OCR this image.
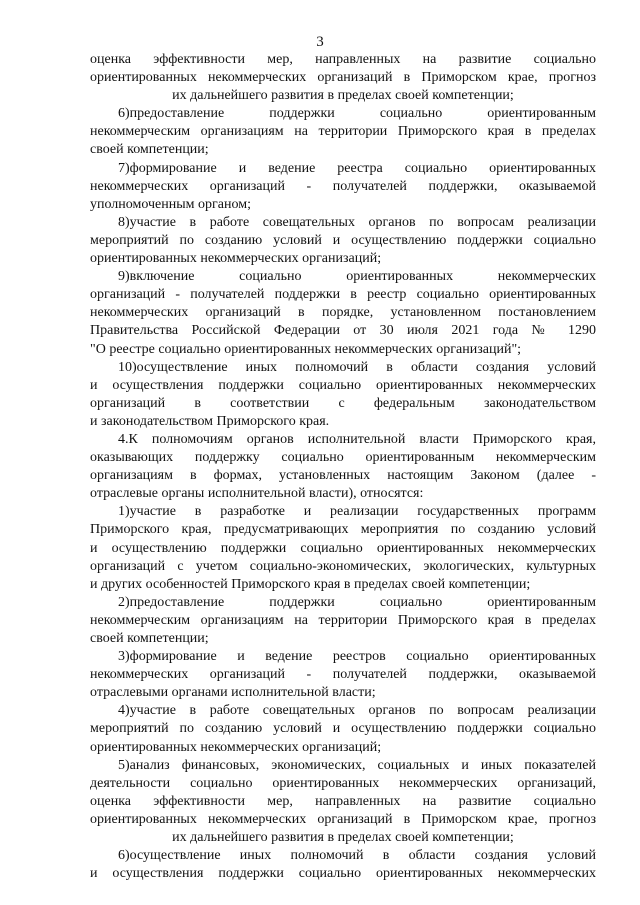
3
оценка эффективности мер, направленных на развитие социально
ориентированных некоммерческих организаций в Приморском крае, прогноз
их дальнейшего развития в пределах своей компетенции;
6)предоставление поддержки социально ориентированным
некоммерческим организациям на территории Приморского края в пределах
своей компетенции;
7)формирование и ведение реестра социально ориентированных
некоммерческих организаций - получателей поддержки, оказываемой
уполномоченным органом;
8)участие в работе совещательных органов по вопросам реализации
мероприятий по созданию условий и осуществлению поддержки социально
ориентированных некоммерческих организаций;
9)включение социально ориентированных некоммерческих
организаций - получателей поддержки в реестр социально ориентированных
некоммерческих организаций в порядке, установленном постановлением
Правительства Российской Федерации от 30 июля 2021 года № 1290
"О реестре социально ориентированных некоммерческих организаций";
10)осуществление иных полномочий в области создания условий
и осуществления поддержки социально ориентированных некоммерческих
организаций в соответствии с федеральным законодательством
и законодательством Приморского края.
4.К полномочиям органов исполнительной власти Приморского края,
оказывающих поддержку социально ориентированным некоммерческим
организациям в формах, установленных настоящим Законом (далее -
отраслевые органы исполнительной власти), относятся:
1)участие в разработке и реализации государственных программ
Приморского края, предусматривающих мероприятия по созданию условий
и осуществлению поддержки социально ориентированных некоммерческих
организаций с учетом социально-экономических, экологических, культурных
и других особенностей Приморского края в пределах своей компетенции;
2)предоставление поддержки социально ориентированным
некоммерческим организациям на территории Приморского края в пределах
своей компетенции;
3)формирование и ведение реестров социально ориентированных
некоммерческих организаций - получателей поддержки, оказываемой
отраслевыми органами исполнительной власти;
4)участие в работе совещательных органов по вопросам реализации
мероприятий по созданию условий и осуществлению поддержки социально
ориентированных некоммерческих организаций;
5)анализ финансовых, экономических, социальных и иных показателей
деятельности социально ориентированных некоммерческих организаций,
оценка эффективности мер, направленных на развитие социально
ориентированных некоммерческих организаций в Приморском крае, прогноз
их дальнейшего развития в пределах своей компетенции;
6)осуществление иных полномочий в области создания условий
и осуществления поддержки социально ориентированных некоммерческих
